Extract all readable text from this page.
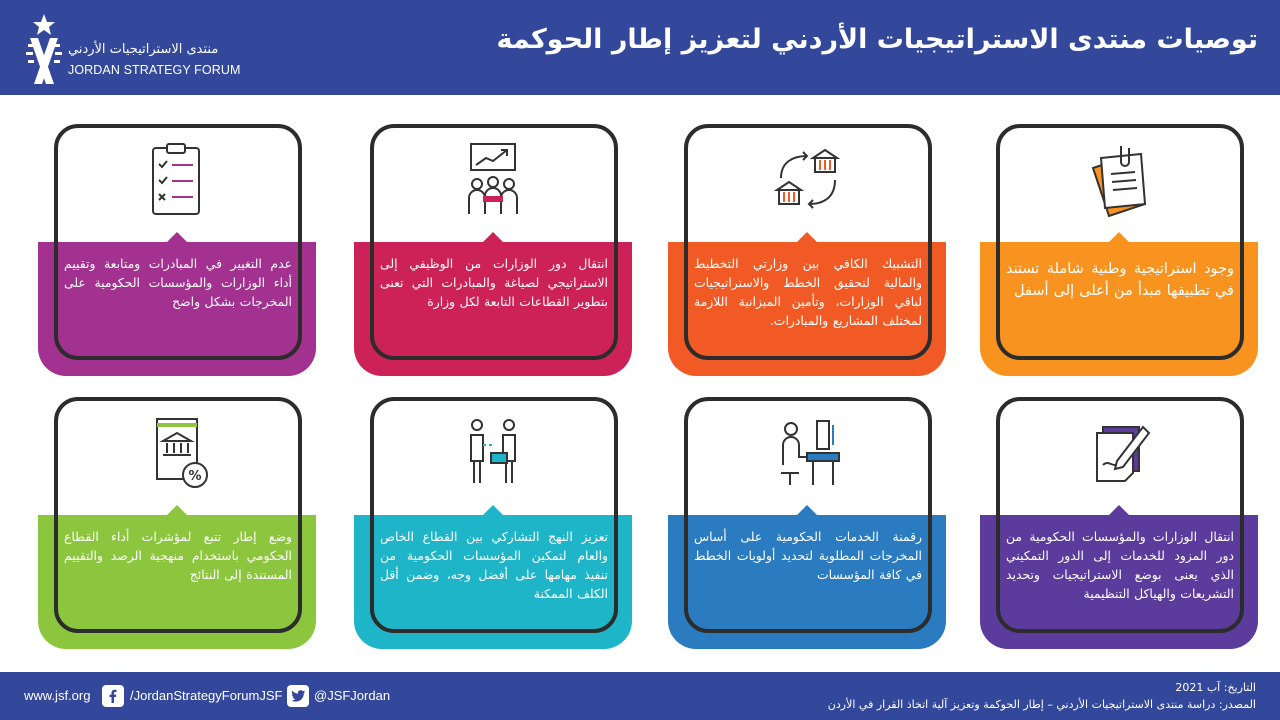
منتدى الاستراتيجيات الأردني
JORDAN STRATEGY FORUM
توصيات منتدى الاستراتيجيات الأردني لتعزيز إطار الحوكمة
عدم التغيير في المبادرات ومتابعة وتقييم أداء الوزارات والمؤسسات الحكومية على المخرجات بشكل واضح
انتقال دور الوزارات من الوظيفي إلى الاستراتيجي لصياغة والمبادرات التي تعنى بتطوير القطاعات التابعة لكل وزارة
التشبيك الكافي بين وزارتي التخطيط والمالية لتحقيق الخطط والاستراتيجيات لباقي الوزارات، وتأمين الميزانية اللازمة لمختلف المشاريع والمبادرات.
وجود استراتيجية وطنية شاملة تستند في تطبيقها مبدأ من أعلى إلى أسفل
%
وضع إطار تتبع لمؤشرات أداء القطاع الحكومي باستخدام منهجية الرصد والتقييم المستندة إلى النتائج
تعزيز النهج التشاركي بين القطاع الخاص والعام لتمكين المؤسسات الحكومية من تنفيذ مهامها على أفضل وجه، وضمن أقل الكلف الممكنة
رقمنة الخدمات الحكومية على أساس المخرجات المطلوبة لتحديد أولويات الخطط في كافة المؤسسات
انتقال الوزارات والمؤسسات الحكومية من دور المزود للخدمات إلى الدور التمكيني الذي يعنى بوضع الاستراتيجيات وتحديد التشريعات والهياكل التنظيمية
www.jsf.org	/JordanStrategyForumJSF @JSFJordan
التاريخ: آب 2021
المصدر: دراسة منتدى الاستراتيجيات الأردني – إطار الحوكمة وتعزيز آلية اتخاذ القرار في الأردن
